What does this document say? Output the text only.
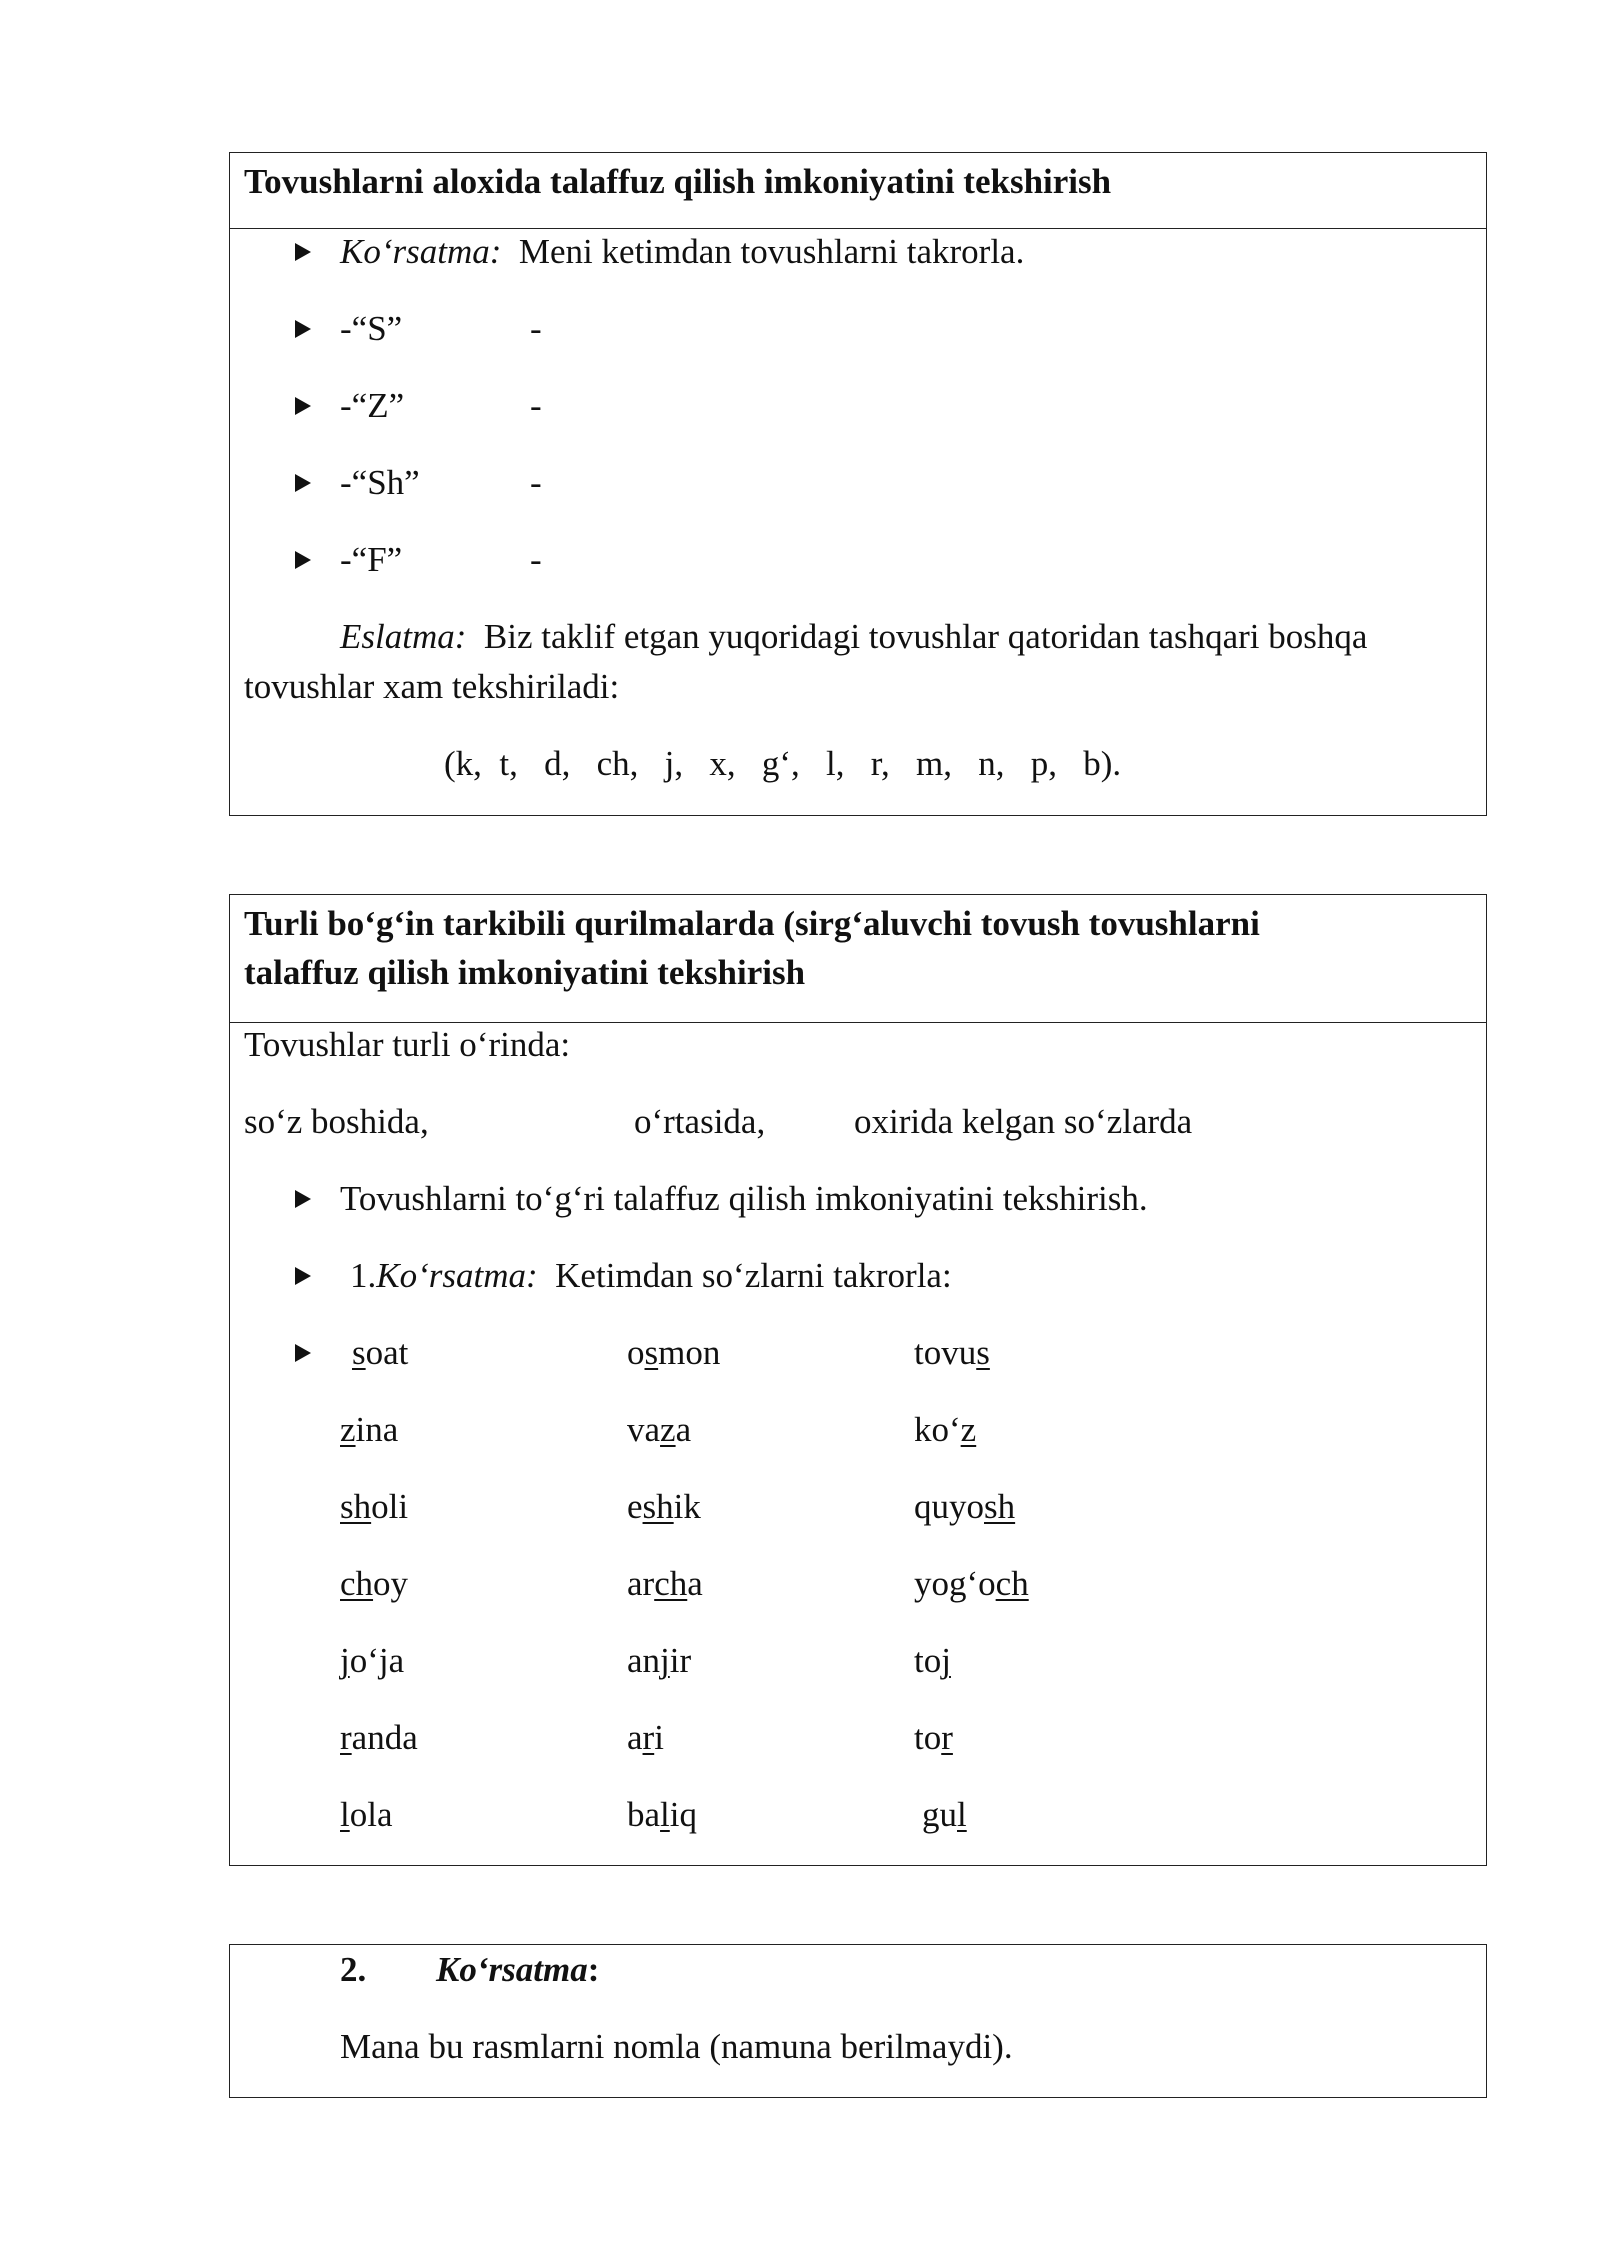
Tovushlarni aloxida talaffuz qilish imkoniyatini tekshirish
Ko‘rsatma: Meni ketimdan tovushlarni takrorla.
-“S”	-
-“Z”	-
-“Sh”	-
-“F”	-
Eslatma: Biz taklif etgan yuqoridagi tovushlar qatoridan tashqari boshqa
tovushlar xam tekshiriladi:
(k,  t,   d,   ch,   j,   x,   g‘,   l,   r,   m,   n,   p,   b).
Turli bo‘g‘in tarkibili qurilmalarda (sirg‘aluvchi tovush tovushlarni
talaffuz qilish imkoniyatini tekshirish
Tovushlar turli o‘rinda:
so‘z boshida,	o‘rtasida,	oxirida kelgan so‘zlarda
Tovushlarni to‘g‘ri talaffuz qilish imkoniyatini tekshirish.
1.Ko‘rsatma: Ketimdan so‘zlarni takrorla:
soat	osmon	tovus
zina	vaza	ko‘z
sholi	eshik	quyosh
choy	archa	yog‘och
jo‘ja	anjir	toj
randa	ari	tor
lola	baliq	gul
2. Ko‘rsatma:
Mana bu rasmlarni nomla (namuna berilmaydi).
